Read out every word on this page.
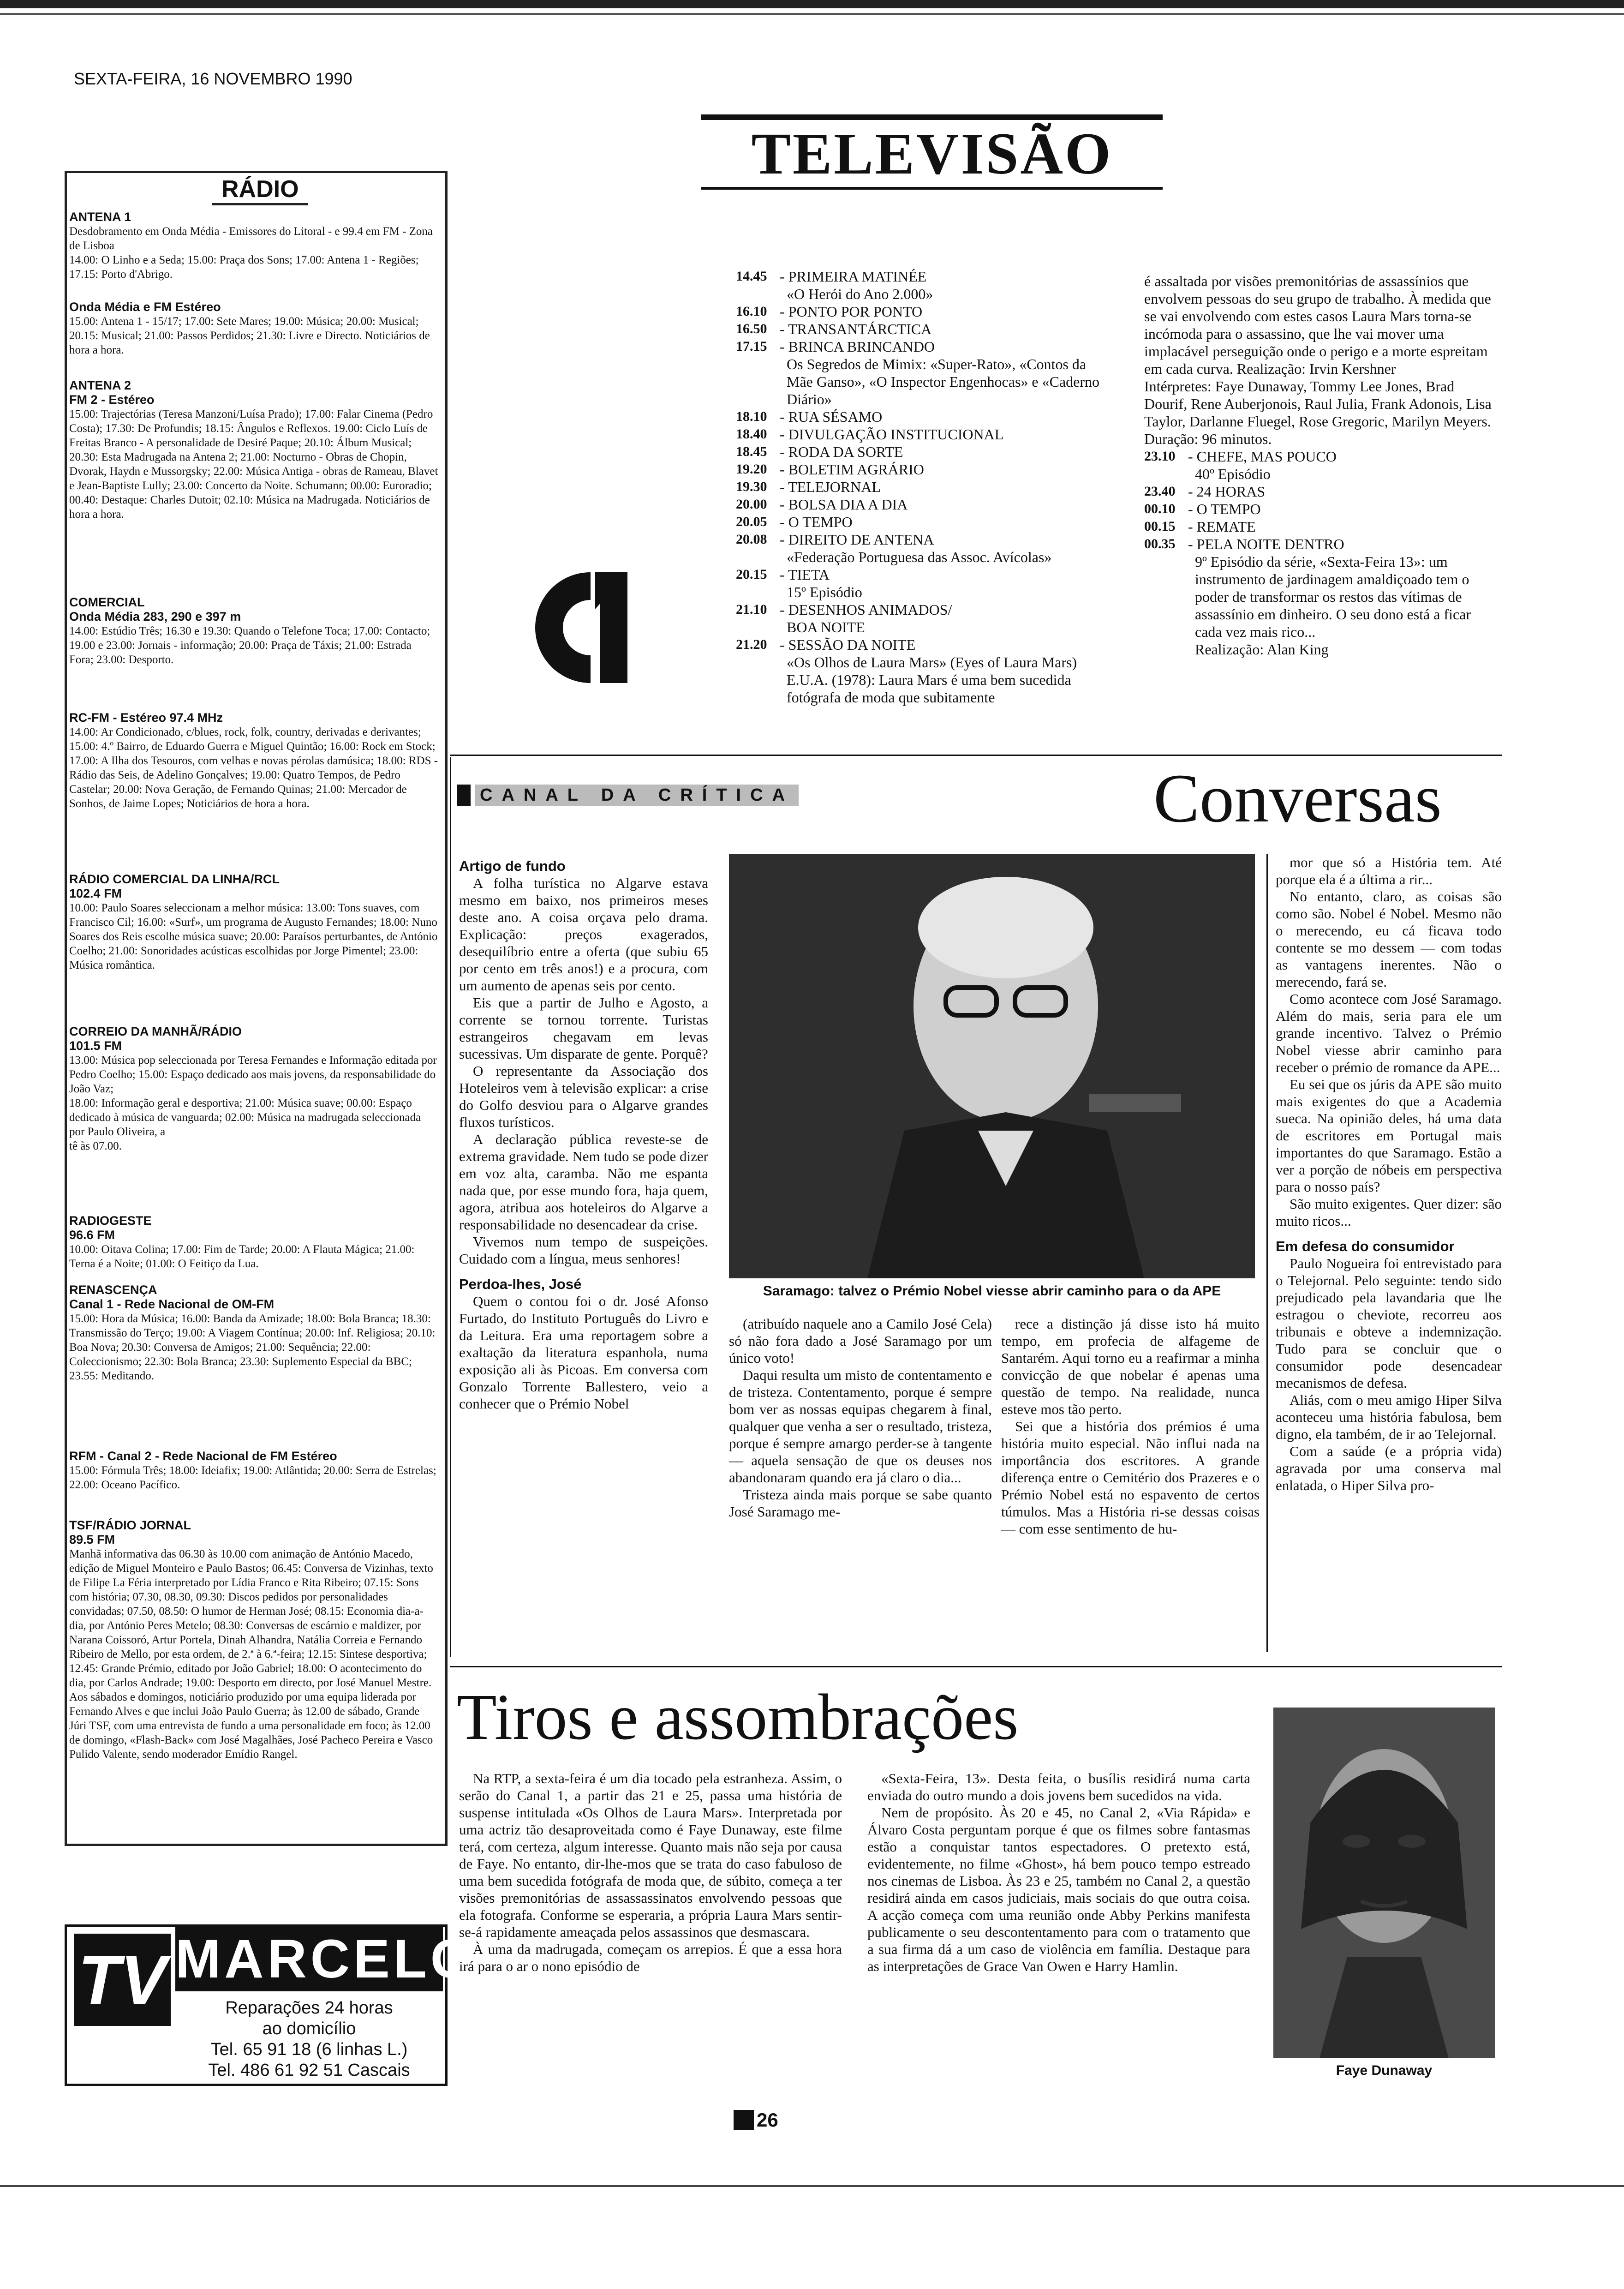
SEXTA-FEIRA, 16 NOVEMBRO 1990
RÁDIO
ANTENA 1
Desdobramento em Onda Média - Emissores do Litoral - e 99.4 em FM - Zona de Lisboa
14.00: O Linho e a Seda; 15.00: Praça dos Sons; 17.00: Antena 1 - Regiões; 17.15: Porto d'Abrigo.
Onda Média e FM Estéreo
15.00: Antena 1 - 15/17; 17.00: Sete Mares; 19.00: Música; 20.00: Musical; 20.15: Musical; 21.00: Passos Perdidos; 21.30: Livre e Directo. Noticiários de hora a hora.
ANTENA 2
FM 2 - Estéreo
15.00: Trajectórias (Teresa Manzoni/Luísa Prado); 17.00: Falar Cinema (Pedro Costa); 17.30: De Profundis; 18.15: Ângulos e Reflexos. 19.00: Ciclo Luís de Freitas Branco - A personalidade de Desiré Paque; 20.10: Álbum Musical; 20.30: Esta Madrugada na Antena 2; 21.00: Nocturno - Obras de Chopin, Dvorak, Haydn e Mussorgsky; 22.00: Música Antiga - obras de Rameau, Blavet e Jean-Baptiste Lully; 23.00: Concerto da Noite. Schumann; 00.00: Euroradio; 00.40: Destaque: Charles Dutoit; 02.10: Música na Madrugada. Noticiários de hora a hora.
COMERCIAL
Onda Média 283, 290 e 397 m
14.00: Estúdio Três; 16.30 e 19.30: Quando o Telefone Toca; 17.00: Contacto; 19.00 e 23.00: Jornais - informação; 20.00: Praça de Táxis; 21.00: Estrada Fora; 23.00: Desporto.
RC-FM - Estéreo 97.4 MHz
14.00: Ar Condicionado, c/blues, rock, folk, country, derivadas e derivantes; 15.00: 4.º Bairro, de Eduardo Guerra e Miguel Quintão; 16.00: Rock em Stock; 17.00: A Ilha dos Tesouros, com velhas e novas pérolas damúsica; 18.00: RDS - Rádio das Seis, de Adelino Gonçalves; 19.00: Quatro Tempos, de Pedro Castelar; 20.00: Nova Geração, de Fernando Quinas; 21.00: Mercador de Sonhos, de Jaime Lopes; Noticiários de hora a hora.
RÁDIO COMERCIAL DA LINHA/RCL
102.4 FM
10.00: Paulo Soares seleccionam a melhor música: 13.00: Tons suaves, com Francisco Cil; 16.00: «Surf», um programa de Augusto Fernandes; 18.00: Nuno Soares dos Reis escolhe música suave; 20.00: Paraísos perturbantes, de António Coelho; 21.00: Sonoridades acústicas escolhidas por Jorge Pimentel; 23.00: Música romântica.
CORREIO DA MANHÃ/RÁDIO
101.5 FM
13.00: Música pop seleccionada por Teresa Fernandes e Informação editada por Pedro Coelho; 15.00: Espaço dedicado aos mais jovens, da responsabilidade do João Vaz;
18.00: Informação geral e desportiva; 21.00: Música suave; 00.00: Espaço dedicado à música de vanguarda; 02.00: Música na madrugada seleccionada por Paulo Oliveira, a
tê às 07.00.
RADIOGESTE
96.6 FM
10.00: Oitava Colina; 17.00: Fim de Tarde; 20.00: A Flauta Mágica; 21.00: Terna é a Noite; 01.00: O Feitiço da Lua.
RENASCENÇA
Canal 1 - Rede Nacional de OM-FM
15.00: Hora da Música; 16.00: Banda da Amizade; 18.00: Bola Branca; 18.30: Transmissão do Terço; 19.00: A Viagem Contínua; 20.00: Inf. Religiosa; 20.10: Boa Nova; 20.30: Conversa de Amigos; 21.00: Sequência; 22.00: Coleccionismo; 22.30: Bola Branca; 23.30: Suplemento Especial da BBC; 23.55: Meditando.
RFM - Canal 2 - Rede Nacional de FM Estéreo
15.00: Fórmula Três; 18.00: Ideiafix; 19.00: Atlântida; 20.00: Serra de Estrelas; 22.00: Oceano Pacífico.
TSF/RÁDIO JORNAL
89.5 FM
Manhã informativa das 06.30 às 10.00 com animação de António Macedo, edição de Miguel Monteiro e Paulo Bastos; 06.45: Conversa de Vizinhas, texto de Filipe La Féria interpretado por Lídia Franco e Rita Ribeiro; 07.15: Sons com história; 07.30, 08.30, 09.30: Discos pedidos por personalidades convidadas; 07.50, 08.50: O humor de Herman José; 08.15: Economia dia-a-dia, por António Peres Metelo; 08.30: Conversas de escárnio e maldizer, por Narana Coissoró, Artur Portela, Dinah Alhandra, Natália Correia e Fernando Ribeiro de Mello, por esta ordem, de 2.ª à 6.ª-feira; 12.15: Sintese desportiva; 12.45: Grande Prémio, editado por João Gabriel; 18.00: O acontecimento do dia, por Carlos Andrade; 19.00: Desporto em directo, por José Manuel Mestre. Aos sábados e domingos, noticiário produzido por uma equipa liderada por Fernando Alves e que inclui João Paulo Guerra; às 12.00 de sábado, Grande Júri TSF, com uma entrevista de fundo a uma personalidade em foco; às 12.00 de domingo, «Flash-Back» com José Magalhães, José Pacheco Pereira e Vasco Pulido Valente, sendo moderador Emídio Rangel.
TV MARCELO
Reparações 24 horas
ao domicílio
Tel. 65 91 18 (6 linhas L.)
Tel. 486 61 92 51 Cascais
TELEVISÃO
14.45 - PRIMEIRA MATINÉE
«O Herói do Ano 2.000»
16.10 - PONTO POR PONTO
16.50 - TRANSANTÁRCTICA
17.15 - BRINCA BRINCANDO
Os Segredos de Mimix: «Super-Rato», «Contos da Mãe Ganso», «O Inspector Engenhocas» e «Caderno Diário»
18.10 - RUA SÉSAMO
18.40 - DIVULGAÇÃO INSTITUCIONAL
18.45 - RODA DA SORTE
19.20 - BOLETIM AGRÁRIO
19.30 - TELEJORNAL
20.00 - BOLSA DIA A DIA
20.05 - O TEMPO
20.08 - DIREITO DE ANTENA
«Federação Portuguesa das Assoc. Avícolas»
20.15 - TIETA
15º Episódio
21.10 - DESENHOS ANIMADOS/
BOA NOITE
21.20 - SESSÃO DA NOITE
«Os Olhos de Laura Mars» (Eyes of Laura Mars) E.U.A. (1978): Laura Mars é uma bem sucedida fotógrafa de moda que subitamente
é assaltada por visões premonitórias de assassínios que envolvem pessoas do seu grupo de trabalho. À medida que se vai envolvendo com estes casos Laura Mars torna-se incómoda para o assassino, que lhe vai mover uma implacável perseguição onde o perigo e a morte espreitam em cada curva. Realização: Irvin Kershner
Intérpretes: Faye Dunaway, Tommy Lee Jones, Brad Dourif, Rene Auberjonois, Raul Julia, Frank Adonois, Lisa Taylor, Darlanne Fluegel, Rose Gregoric, Marilyn Meyers.
Duração: 96 minutos.
23.10 - CHEFE, MAS POUCO
40º Episódio
23.40 - 24 HORAS
00.10 - O TEMPO
00.15 - REMATE
00.35 - PELA NOITE DENTRO
9º Episódio da série, «Sexta-Feira 13»: um instrumento de jardinagem amaldiçoado tem o poder de transformar os restos das vítimas de assassínio em dinheiro. O seu dono está a ficar cada vez mais rico...
Realização: Alan King
CANAL DA CRÍTICA	Conversas

Artigo de fundo

A folha turística no Algarve estava mesmo em baixo, nos primeiros meses deste ano. A coisa orçava pelo drama. Explicação: preços exagerados, desequilíbrio entre a oferta (que subiu 65 por cento em três anos!) e a procura, com um aumento de apenas seis por cento.

Eis que a partir de Julho e Agosto, a corrente se tornou torrente. Turistas estrangeiros chegavam em levas sucessivas. Um disparate de gente. Porquê?

O representante da Associação dos Hoteleiros vem à televisão explicar: a crise do Golfo desviou para o Algarve grandes fluxos turísticos.

A declaração pública reveste-se de extrema gravidade. Nem tudo se pode dizer em voz alta, caramba. Não me espanta nada que, por esse mundo fora, haja quem, agora, atribua aos hoteleiros do Algarve a responsabilidade no desencadear da crise.

Vivemos num tempo de suspeições. Cuidado com a língua, meus senhores!

Perdoa-lhes, José

Quem o contou foi o dr. José Afonso Furtado, do Instituto Português do Livro e da Leitura. Era uma reportagem sobre a exaltação da literatura espanhola, numa exposição ali às Picoas. Em conversa com Gonzalo Torrente Ballestero, veio a conhecer que o Prémio Nobel

Saramago: talvez o Prémio Nobel viesse abrir caminho para o da APE

(atribuído naquele ano a Camilo José Cela) só não fora dado a José Saramago por um único voto!

Daqui resulta um misto de contentamento e de tristeza. Contentamento, porque é sempre bom ver as nossas equipas chegarem à final, qualquer que venha a ser o resultado, tristeza, porque é sempre amargo perder-se à tangente — aquela sensação de que os deuses nos abandonaram quando era já claro o dia...

Tristeza ainda mais porque se sabe quanto José Saramago me-

rece a distinção já disse isto há muito tempo, em profecia de alfageme de Santarém. Aqui torno eu a reafirmar a minha convicção de que nobelar é apenas uma questão de tempo. Na realidade, nunca esteve mos tão perto.

Sei que a história dos prémios é uma história muito especial. Não influi nada na importância dos escritores. A grande diferença entre o Cemitério dos Prazeres e o Prémio Nobel está no espavento de certos túmulos. Mas a História ri-se dessas coisas — com esse sentimento de hu-

mor que só a História tem. Até porque ela é a última a rir...

No entanto, claro, as coisas são como são. Nobel é Nobel. Mesmo não o merecendo, eu cá ficava todo contente se mo dessem — com todas as vantagens inerentes. Não o merecendo, fará se.

Como acontece com José Saramago. Além do mais, seria para ele um grande incentivo. Talvez o Prémio Nobel viesse abrir caminho para receber o prémio de romance da APE...

Eu sei que os júris da APE são muito mais exigentes do que a Academia sueca. Na opinião deles, há uma data de escritores em Portugal mais importantes do que Saramago. Estão a ver a porção de nóbeis em perspectiva para o nosso país?

São muito exigentes. Quer dizer: são muito ricos...

Em defesa do consumidor

Paulo Nogueira foi entrevistado para o Telejornal. Pelo seguinte: tendo sido prejudicado pela lavandaria que lhe estragou o cheviote, recorreu aos tribunais e obteve a indemnização. Tudo para se concluir que o consumidor pode desencadear mecanismos de defesa.

Aliás, com o meu amigo Hiper Silva aconteceu uma história fabulosa, bem digno, ela também, de ir ao Telejornal.

Com a saúde (e a própria vida) agravada por uma conserva mal enlatada, o Hiper Silva pro-

Tiros e assombrações

Na RTP, a sexta-feira é um dia tocado pela estranheza. Assim, o serão do Canal 1, a partir das 21 e 25, passa uma história de suspense intitulada «Os Olhos de Laura Mars». Interpretada por uma actriz tão desaproveitada como é Faye Dunaway, este filme terá, com certeza, algum interesse. Quanto mais não seja por causa de Faye. No entanto, dir-lhe-mos que se trata do caso fabuloso de uma bem sucedida fotógrafa de moda que, de súbito, começa a ter visões premonitórias de assassassinatos envolvendo pessoas que ela fotografa. Conforme se esperaria, a própria Laura Mars sentir-se-á rapidamente ameaçada pelos assassinos que desmascara.

À uma da madrugada, começam os arrepios. É que a essa hora irá para o ar o nono episódio de

«Sexta-Feira, 13». Desta feita, o busílis residirá numa carta enviada do outro mundo a dois jovens bem sucedidos na vida.

Nem de propósito. Às 20 e 45, no Canal 2, «Via Rápida» e Álvaro Costa perguntam porque é que os filmes sobre fantasmas estão a conquistar tantos espectadores. O pretexto está, evidentemente, no filme «Ghost», há bem pouco tempo estreado nos cinemas de Lisboa. Às 23 e 25, também no Canal 2, a questão residirá ainda em casos judiciais, mais sociais do que outra coisa. A acção começa com uma reunião onde Abby Perkins manifesta publicamente o seu descontentamento para com o tratamento que a sua firma dá a um caso de violência em família. Destaque para as interpretações de Grace Van Owen e Harry Hamlin.

Faye Dunaway
26
